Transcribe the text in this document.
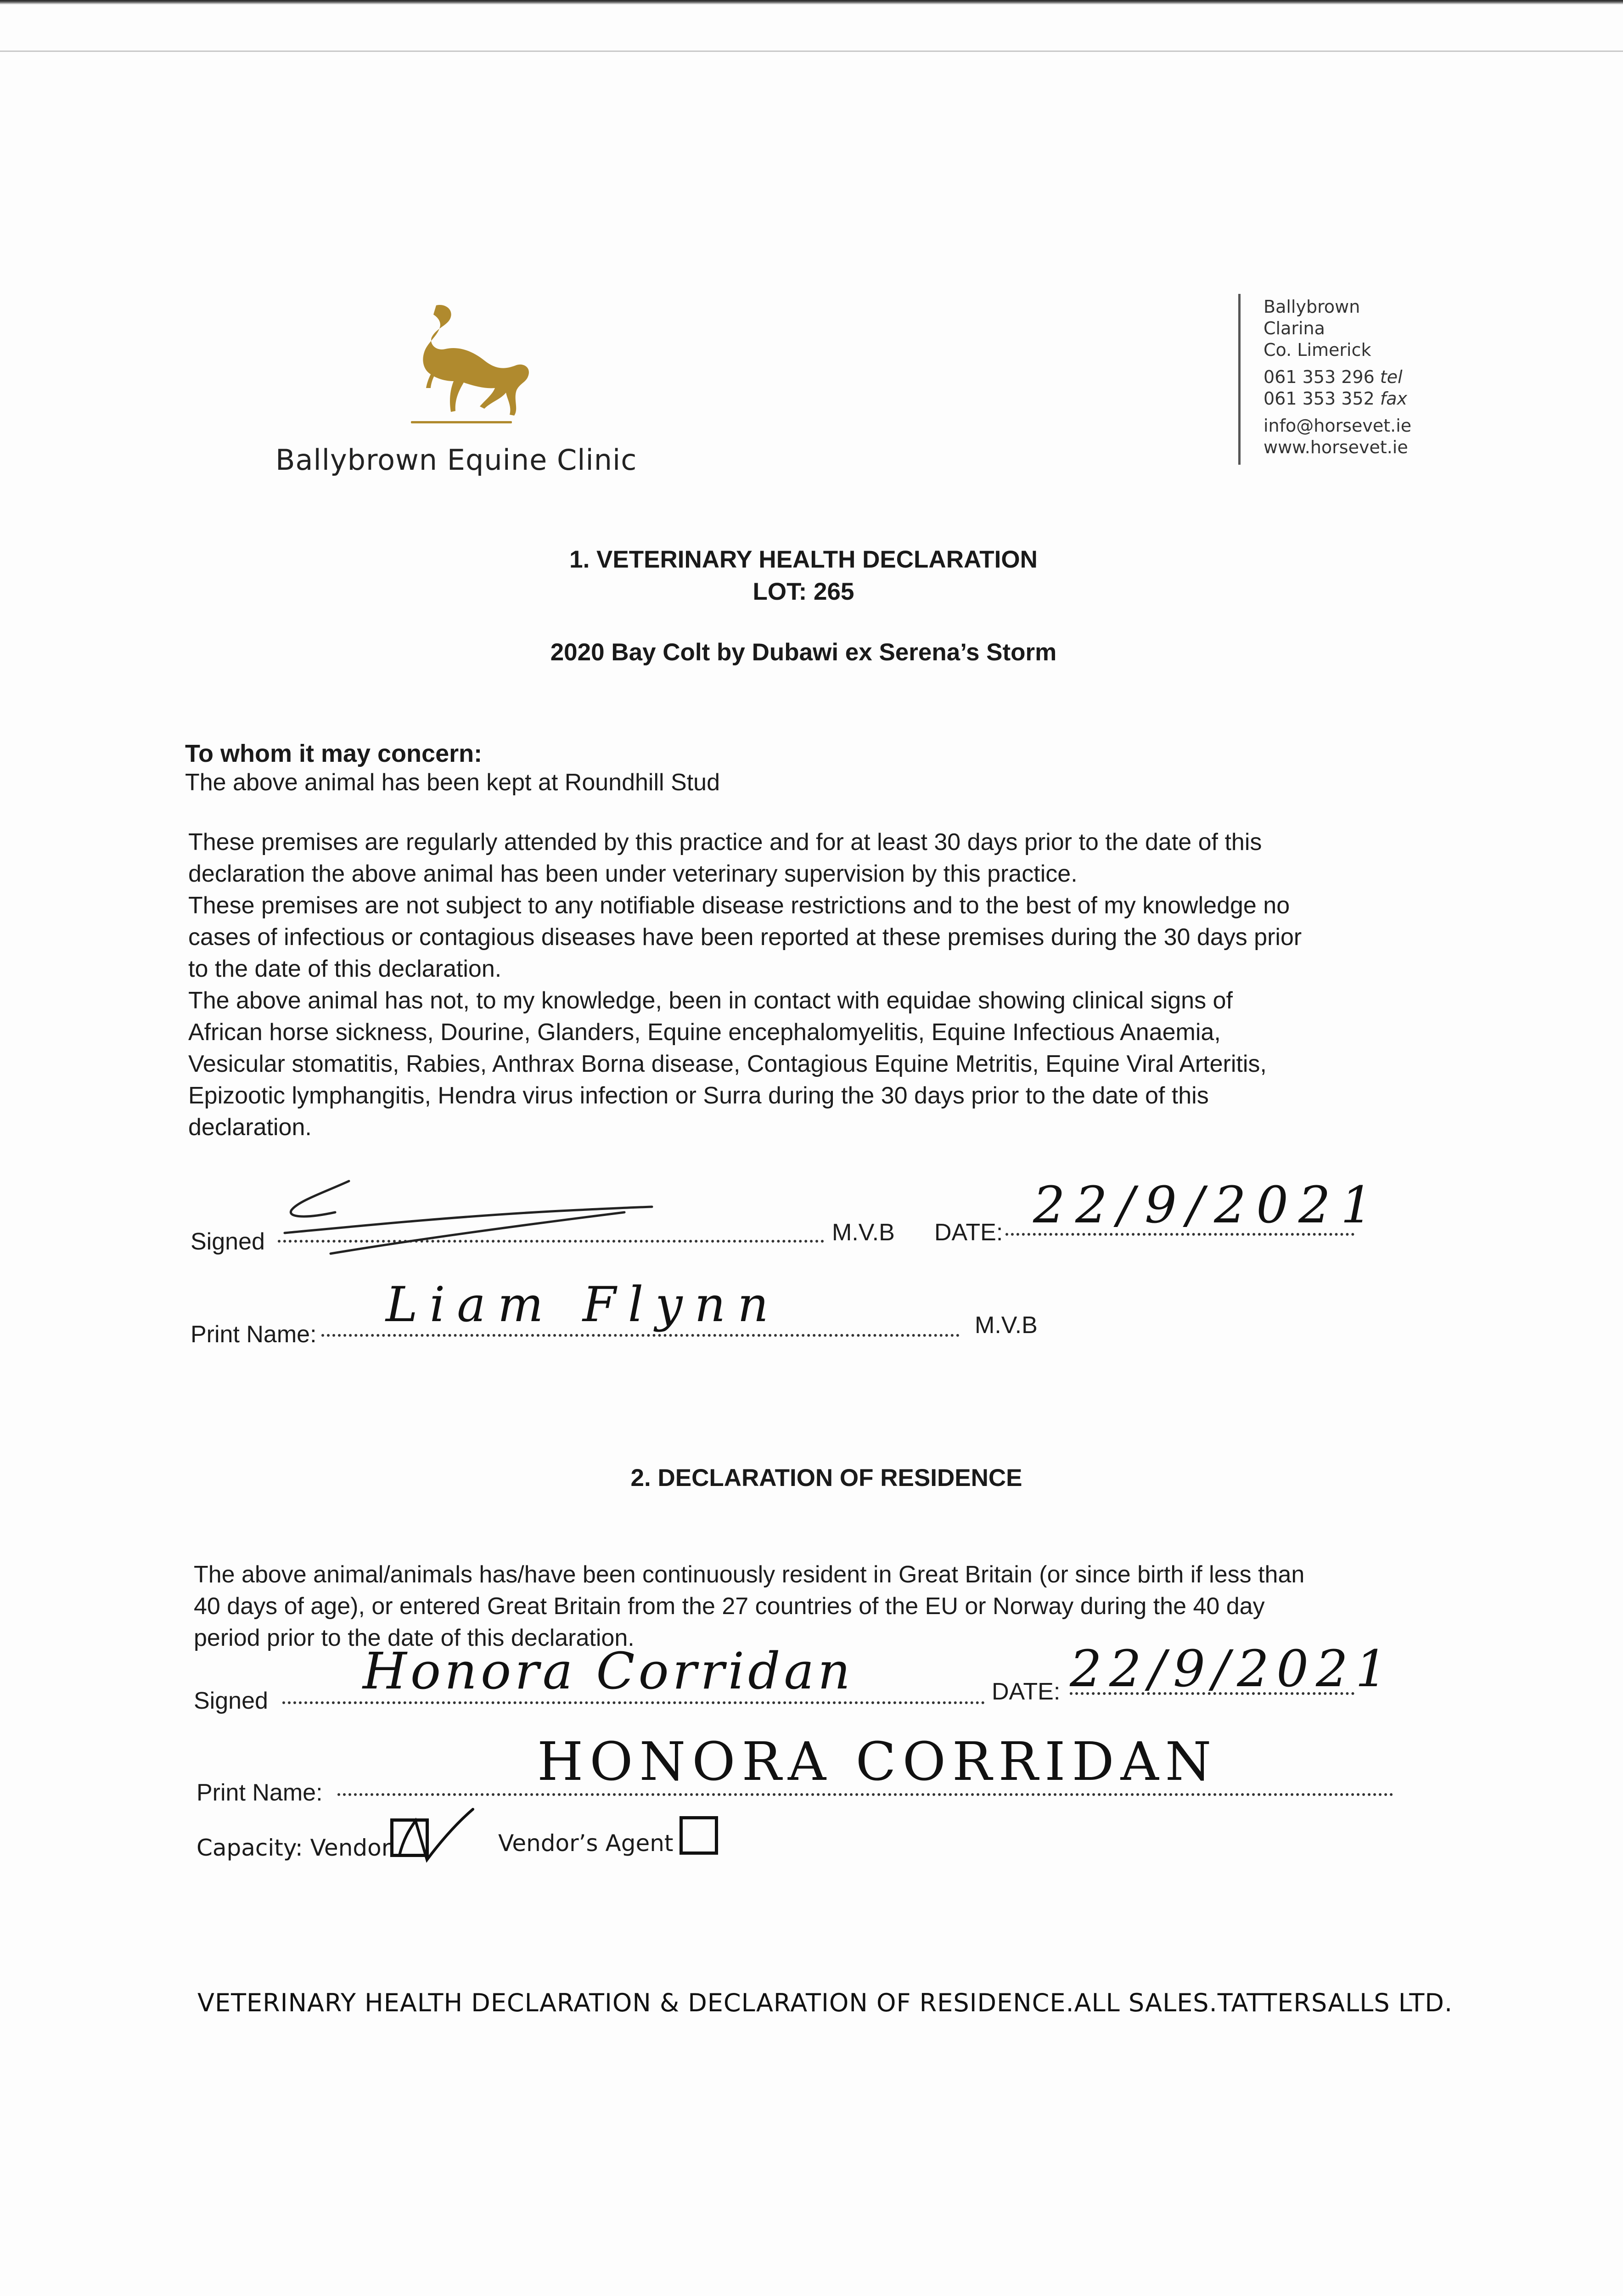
Ballybrown Equine Clinic
Ballybrown
Clarina
Co. Limerick
061 353 296 tel
061 353 352 fax
info@horsevet.ie
www.horsevet.ie
1. VETERINARY HEALTH DECLARATION
LOT: 265
2020 Bay Colt by Dubawi ex Serena’s Storm
To whom it may concern:
The above animal has been kept at Roundhill Stud
These premises are regularly attended by this practice and for at least 30 days prior to the date of this
declaration the above animal has been under veterinary supervision by this practice.
These premises are not subject to any notifiable disease restrictions and to the best of my knowledge no
cases of infectious or contagious diseases have been reported at these premises during the 30 days prior
to the date of this declaration.
The above animal has not, to my knowledge, been in contact with equidae showing clinical signs of
African horse sickness, Dourine, Glanders, Equine encephalomyelitis, Equine Infectious Anaemia,
Vesicular stomatitis, Rabies, Anthrax Borna disease, Contagious Equine Metritis, Equine Viral Arteritis,
Epizootic lymphangitis, Hendra virus infection or Surra during the 30 days prior to the date of this
declaration.
Signed	M.V.B DATE: 22/9/2021
Print Name:
Liam Flynn	M.V.B
2. DECLARATION OF RESIDENCE
The above animal/animals has/have been continuously resident in Great Britain (or since birth if less than
40 days of age), or entered Great Britain from the 27 countries of the EU or Norway during the 40 day
period prior to the date of this declaration.
Signed
Honora Corridan	DATE: 22/9/2021
Print Name:	HONORA CORRIDAN
Capacity: Vendor	Vendor’s Agent
VETERINARY HEALTH DECLARATION & DECLARATION OF RESIDENCE.ALL SALES.TATTERSALLS LTD.
